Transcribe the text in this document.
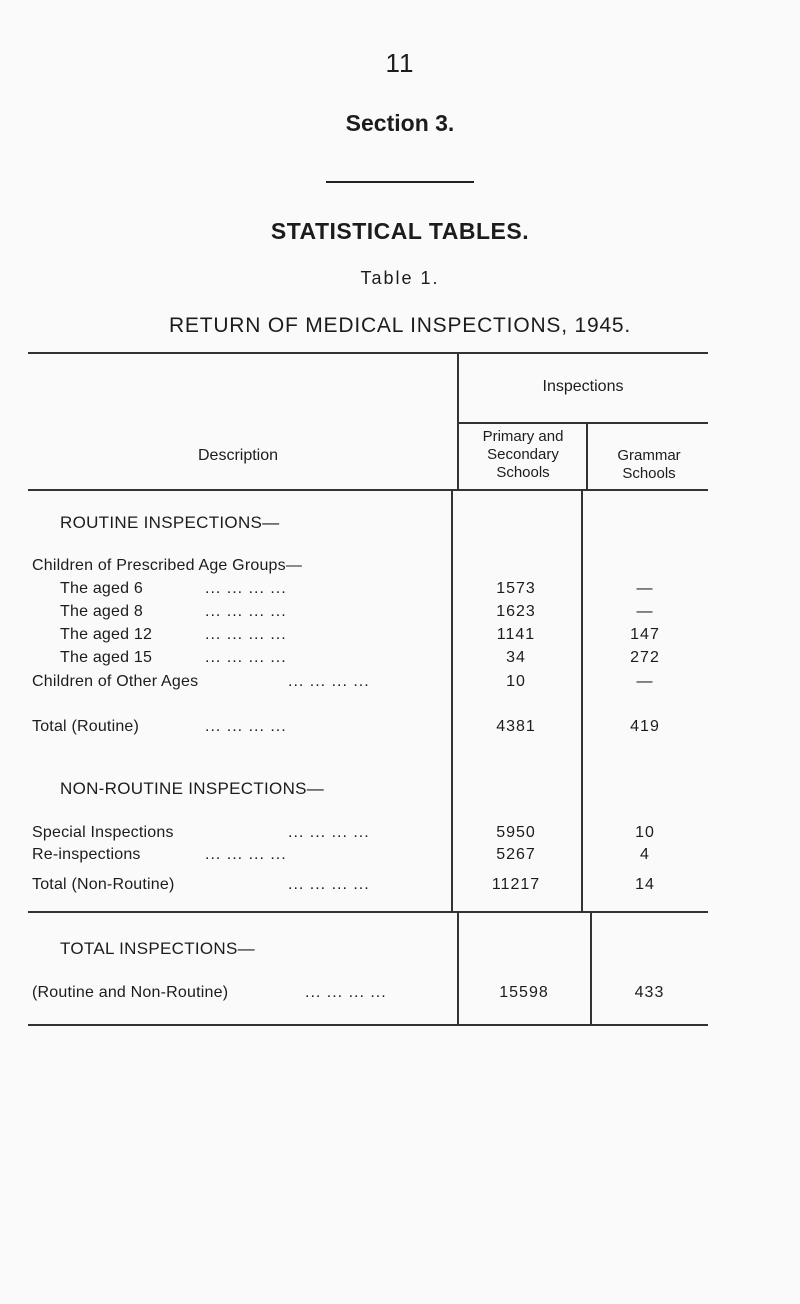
11
Section 3.
STATISTICAL TABLES.
Table 1.
RETURN OF MEDICAL INSPECTIONS, 1945.
Inspections
Description
Primary and
Secondary
Schools
Grammar
Schools
ROUTINE INSPECTIONS—
Children of Prescribed Age Groups—
The aged 6	... ... ... ...	1573	—
The aged 8	... ... ... ...	1623	—
The aged 12	... ... ... ...	1141	147
The aged 15	... ... ... ...	34	272
Children of Other Ages	... ... ... ...	10	—
Total (Routine)	... ... ... ...	4381	419
NON-ROUTINE INSPECTIONS—
Special Inspections	... ... ... ...	5950	10
Re-inspections	... ... ... ...	5267	4
Total (Non-Routine)	... ... ... ...	11217	14
TOTAL INSPECTIONS—
(Routine and Non-Routine)	... ... ... ...	15598	433
